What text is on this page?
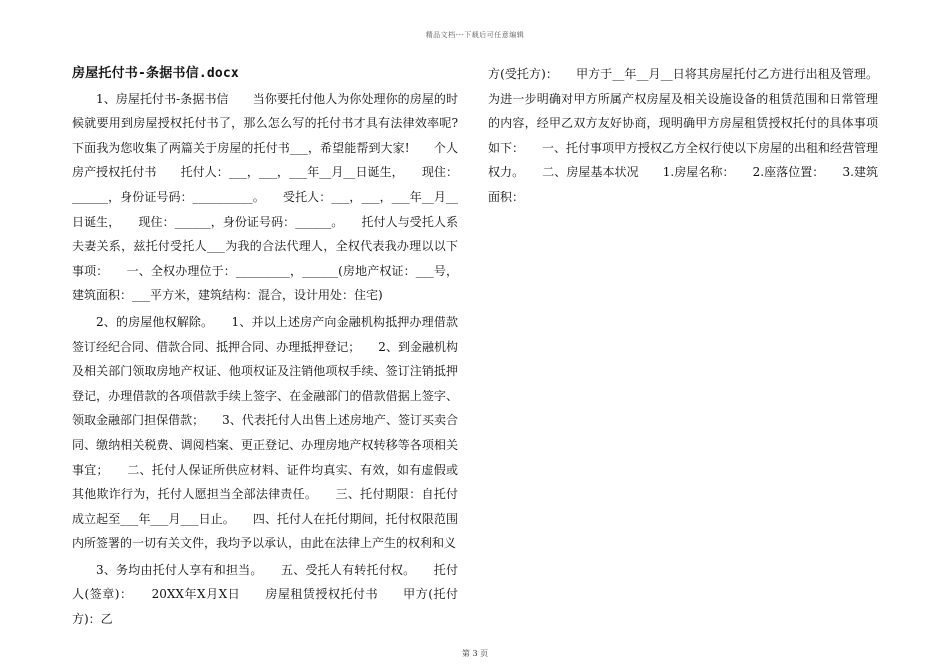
精品文档---下载后可任意编辑
房屋托付书-条据书信.docx

1、房屋托付书-条据书信　　当你要托付他人为你处理你的房屋的时候就要用到房屋授权托付书了，那么怎么写的托付书才具有法律效率呢?下面我为您收集了两篇关于房屋的托付书___，希望能帮到大家!　　个人房产授权托付书　　托付人：___，___，___年__月__日诞生，　　现住：______，身份证号码：__________。　　受托人：___，___，___年__月__日诞生，　　现住：______，身份证号码：______。　　托付人与受托人系夫妻关系，兹托付受托人___为我的合法代理人，全权代表我办理以以下事项：　　一、全权办理位于：_________，______(房地产权证：___号，建筑面积：___平方米，建筑结构：混合，设计用处：住宅)

2、的房屋他权解除。　　1、并以上述房产向金融机构抵押办理借款签订经纪合同、借款合同、抵押合同、办理抵押登记；　　2、到金融机构及相关部门领取房地产权证、他项权证及注销他项权手续、签订注销抵押登记，办理借款的各项借款手续上签字、在金融部门的借款借据上签字、领取金融部门担保借款；　　3、代表托付人出售上述房地产、签订买卖合同、缴纳相关税费、调阅档案、更正登记、办理房地产权转移等各项相关事宜；　　二、托付人保证所供应材料、证件均真实、有效，如有虚假或其他欺诈行为，托付人愿担当全部法律责任。　　三、托付期限：自托付成立起至___年___月___日止。　　四、托付人在托付期间，托付权限范围内所签署的一切有关文件，我均予以承认，由此在法律上产生的权利和义

3、务均由托付人享有和担当。　　五、受托人有转托付权。　　托付人(签章)：　　20XX年X月X日　　房屋租赁授权托付书　　甲方(托付方)：乙

方(受托方)：　　甲方于__年__月__日将其房屋托付乙方进行出租及管理。为进一步明确对甲方所属产权房屋及相关设施设备的租赁范围和日常管理的内容，经甲乙双方友好协商，现明确甲方房屋租赁授权托付的具体事项如下：　　一、托付事项甲方授权乙方全权行使以下房屋的出租和经营管理权力。　　二、房屋基本状况　　1.房屋名称：　　2.座落位置：　　3.建筑面积：

第 3 页
